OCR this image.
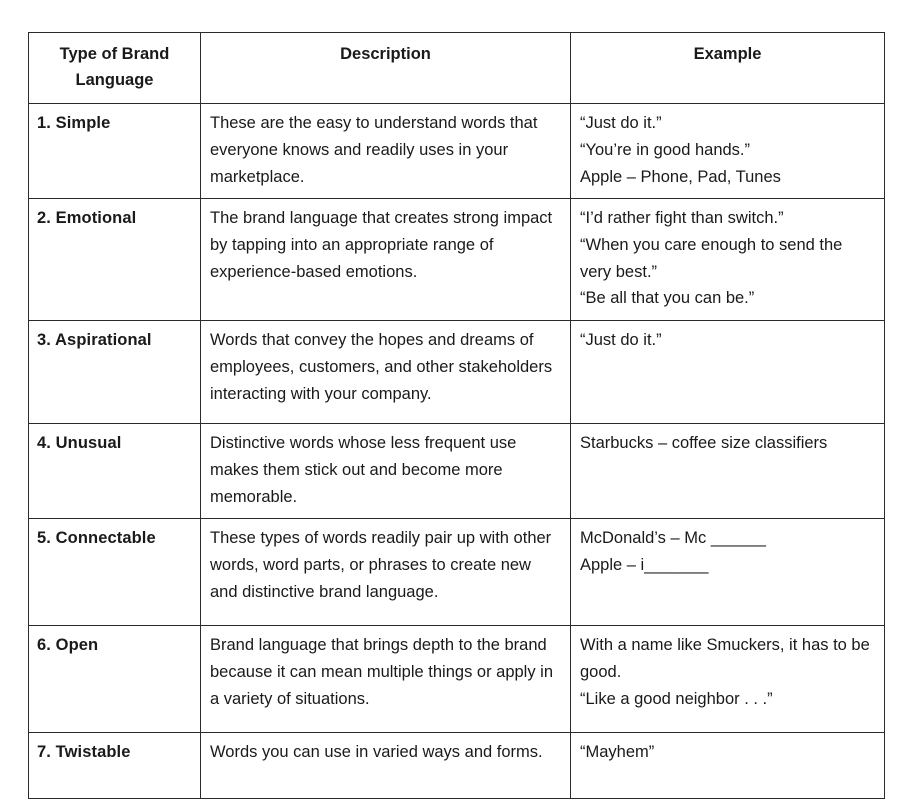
Type of Brand Language	Description	Example
1. Simple	These are the easy to understand words that everyone knows and readily uses in your marketplace.	“Just do it.”
“You’re in good hands.”
Apple – Phone, Pad, Tunes

2. Emotional	The brand language that creates strong impact by tapping into an appropriate range of experience-based emotions.	“I’d rather fight than switch.”
“When you care enough to send the very best.”
“Be all that you can be.”

3. Aspirational	Words that convey the hopes and dreams of employees, customers, and other stakeholders interacting with your company.	“Just do it.”

4. Unusual	Distinctive words whose less frequent use makes them stick out and become more memorable.	Starbucks – coffee size classifiers

5. Connectable	These types of words readily pair up with other words, word parts, or phrases to create new and distinctive brand language.	McDonald’s – Mc ______
Apple – i_______

6. Open	Brand language that brings depth to the brand because it can mean multiple things or apply in a variety of situations.	With a name like Smuckers, it has to be good.
“Like a good neighbor . . .”

7. Twistable	Words you can use in varied ways and forms.	“Mayhem”
